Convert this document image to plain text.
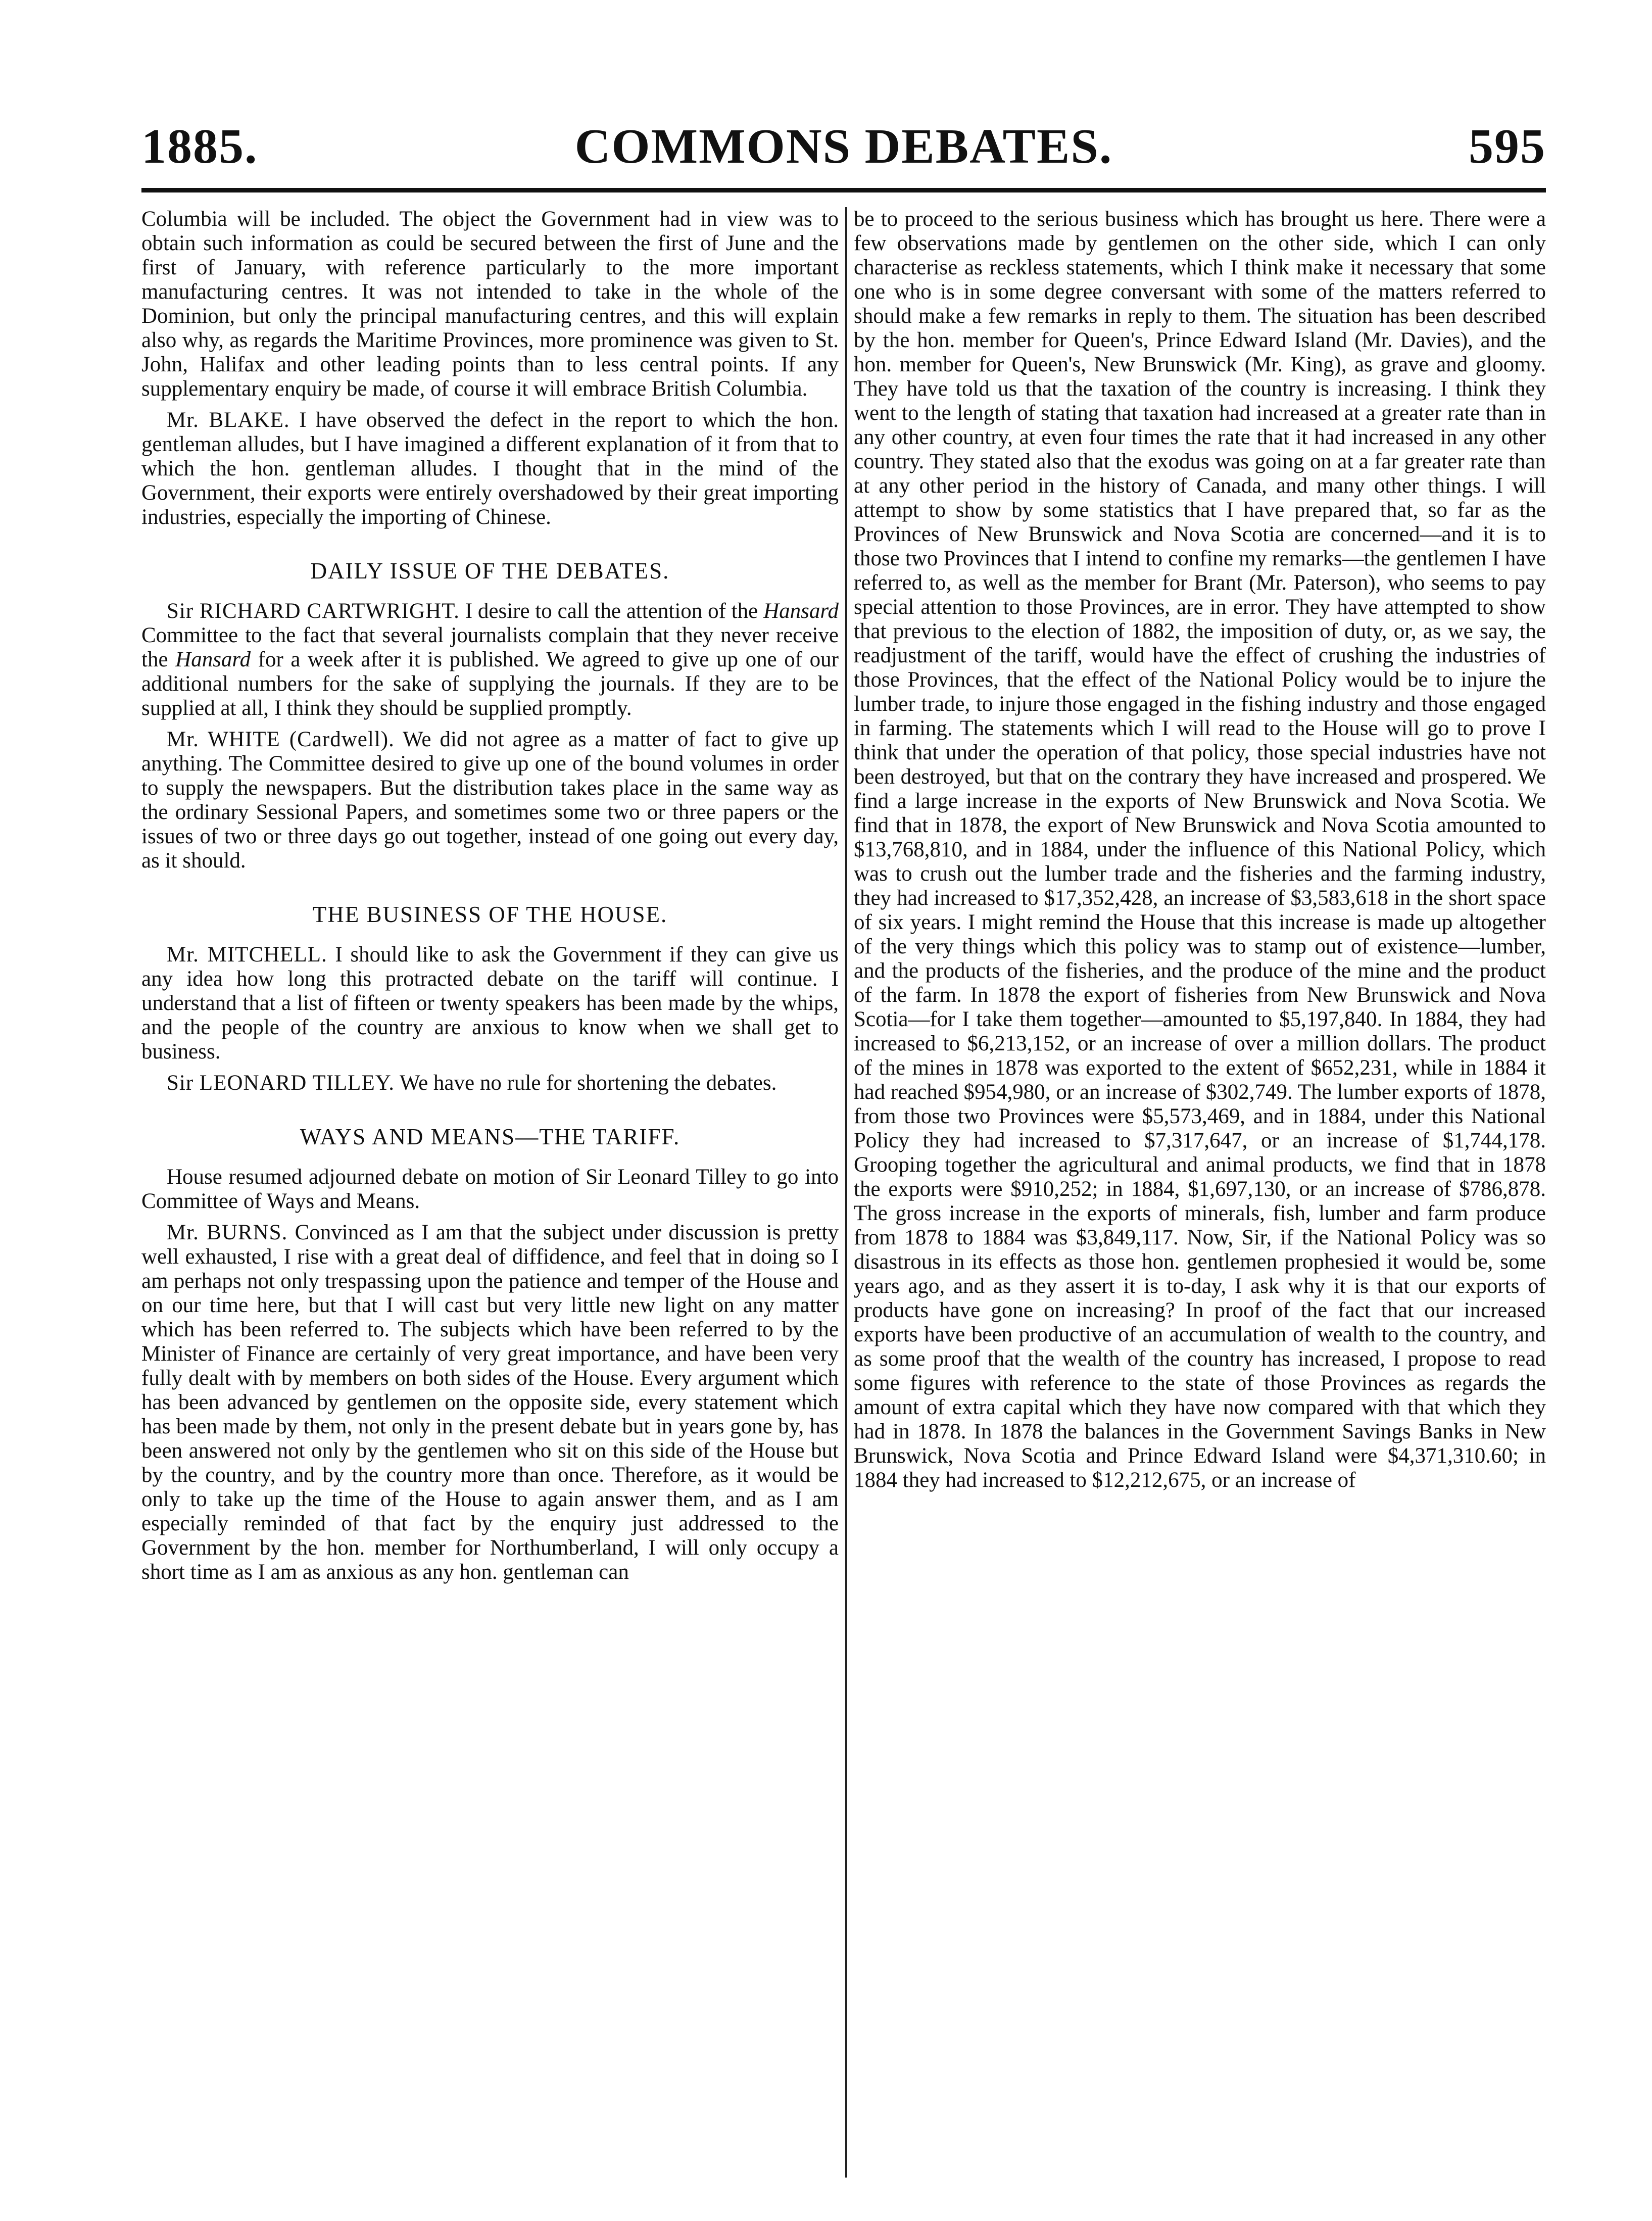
COMMONS DEBATES.
1885.	595

Columbia will be included. The object the Government had in view was to obtain such information as could be secured between the first of June and the first of January, with reference particularly to the more important manufacturing centres. It was not intended to take in the whole of the Dominion, but only the principal manufacturing centres, and this will explain also why, as regards the Maritime Provinces, more prominence was given to St. John, Halifax and other leading points than to less central points. If any supplementary enquiry be made, of course it will embrace British Columbia.

Mr. BLAKE. I have observed the defect in the report to which the hon. gentleman alludes, but I have imagined a different explanation of it from that to which the hon. gentleman alludes. I thought that in the mind of the Government, their exports were entirely overshadowed by their great importing industries, especially the importing of Chinese.

DAILY ISSUE OF THE DEBATES.

Sir RICHARD CARTWRIGHT. I desire to call the attention of the Hansard Committee to the fact that several journalists complain that they never receive the Hansard for a week after it is published. We agreed to give up one of our additional numbers for the sake of supplying the journals. If they are to be supplied at all, I think they should be supplied promptly.

Mr. WHITE (Cardwell). We did not agree as a matter of fact to give up anything. The Committee desired to give up one of the bound volumes in order to supply the newspapers. But the distribution takes place in the same way as the ordinary Sessional Papers, and sometimes some two or three papers or the issues of two or three days go out together, instead of one going out every day, as it should.

THE BUSINESS OF THE HOUSE.

Mr. MITCHELL. I should like to ask the Government if they can give us any idea how long this protracted debate on the tariff will continue. I understand that a list of fifteen or twenty speakers has been made by the whips, and the people of the country are anxious to know when we shall get to business.

Sir LEONARD TILLEY. We have no rule for shortening the debates.

WAYS AND MEANS—THE TARIFF.

House resumed adjourned debate on motion of Sir Leonard Tilley to go into Committee of Ways and Means.

Mr. BURNS. Convinced as I am that the subject under discussion is pretty well exhausted, I rise with a great deal of diffidence, and feel that in doing so I am perhaps not only trespassing upon the patience and temper of the House and on our time here, but that I will cast but very little new light on any matter which has been referred to. The subjects which have been referred to by the Minister of Finance are certainly of very great importance, and have been very fully dealt with by members on both sides of the House. Every argument which has been advanced by gentlemen on the opposite side, every statement which has been made by them, not only in the present debate but in years gone by, has been answered not only by the gentlemen who sit on this side of the House but by the country, and by the country more than once. Therefore, as it would be only to take up the time of the House to again answer them, and as I am especially reminded of that fact by the enquiry just addressed to the Government by the hon. member for Northumberland, I will only occupy a short time as I am as anxious as any hon. gentleman can

be to proceed to the serious business which has brought us here. There were a few observations made by gentlemen on the other side, which I can only characterise as reckless statements, which I think make it necessary that some one who is in some degree conversant with some of the matters referred to should make a few remarks in reply to them. The situation has been described by the hon. member for Queen's, Prince Edward Island (Mr. Davies), and the hon. member for Queen's, New Brunswick (Mr. King), as grave and gloomy. They have told us that the taxation of the country is increasing. I think they went to the length of stating that taxation had increased at a greater rate than in any other country, at even four times the rate that it had increased in any other country. They stated also that the exodus was going on at a far greater rate than at any other period in the history of Canada, and many other things. I will attempt to show by some statistics that I have prepared that, so far as the Provinces of New Brunswick and Nova Scotia are concerned—and it is to those two Provinces that I intend to confine my remarks—the gentlemen I have referred to, as well as the member for Brant (Mr. Paterson), who seems to pay special attention to those Provinces, are in error. They have attempted to show that previous to the election of 1882, the imposition of duty, or, as we say, the readjustment of the tariff, would have the effect of crushing the industries of those Provinces, that the effect of the National Policy would be to injure the lumber trade, to injure those engaged in the fishing industry and those engaged in farming. The statements which I will read to the House will go to prove I think that under the operation of that policy, those special industries have not been destroyed, but that on the contrary they have increased and prospered. We find a large increase in the exports of New Brunswick and Nova Scotia. We find that in 1878, the export of New Brunswick and Nova Scotia amounted to $13,768,810, and in 1884, under the influence of this National Policy, which was to crush out the lumber trade and the fisheries and the farming industry, they had increased to $17,352,428, an increase of $3,583,618 in the short space of six years. I might remind the House that this increase is made up altogether of the very things which this policy was to stamp out of existence—lumber, and the products of the fisheries, and the produce of the mine and the product of the farm. In 1878 the export of fisheries from New Brunswick and Nova Scotia—for I take them together—amounted to $5,197,840. In 1884, they had increased to $6,213,152, or an increase of over a million dollars. The product of the mines in 1878 was exported to the extent of $652,231, while in 1884 it had reached $954,980, or an increase of $302,749. The lumber exports of 1878, from those two Provinces were $5,573,469, and in 1884, under this National Policy they had increased to $7,317,647, or an increase of $1,744,178. Grooping together the agricultural and animal products, we find that in 1878 the exports were $910,252; in 1884, $1,697,130, or an increase of $786,878. The gross increase in the exports of minerals, fish, lumber and farm produce from 1878 to 1884 was $3,849,117. Now, Sir, if the National Policy was so disastrous in its effects as those hon. gentlemen prophesied it would be, some years ago, and as they assert it is to-day, I ask why it is that our exports of products have gone on increasing? In proof of the fact that our increased exports have been productive of an accumulation of wealth to the country, and as some proof that the wealth of the country has increased, I propose to read some figures with reference to the state of those Provinces as regards the amount of extra capital which they have now compared with that which they had in 1878. In 1878 the balances in the Government Savings Banks in New Brunswick, Nova Scotia and Prince Edward Island were $4,371,310.60; in 1884 they had increased to $12,212,675, or an increase of
